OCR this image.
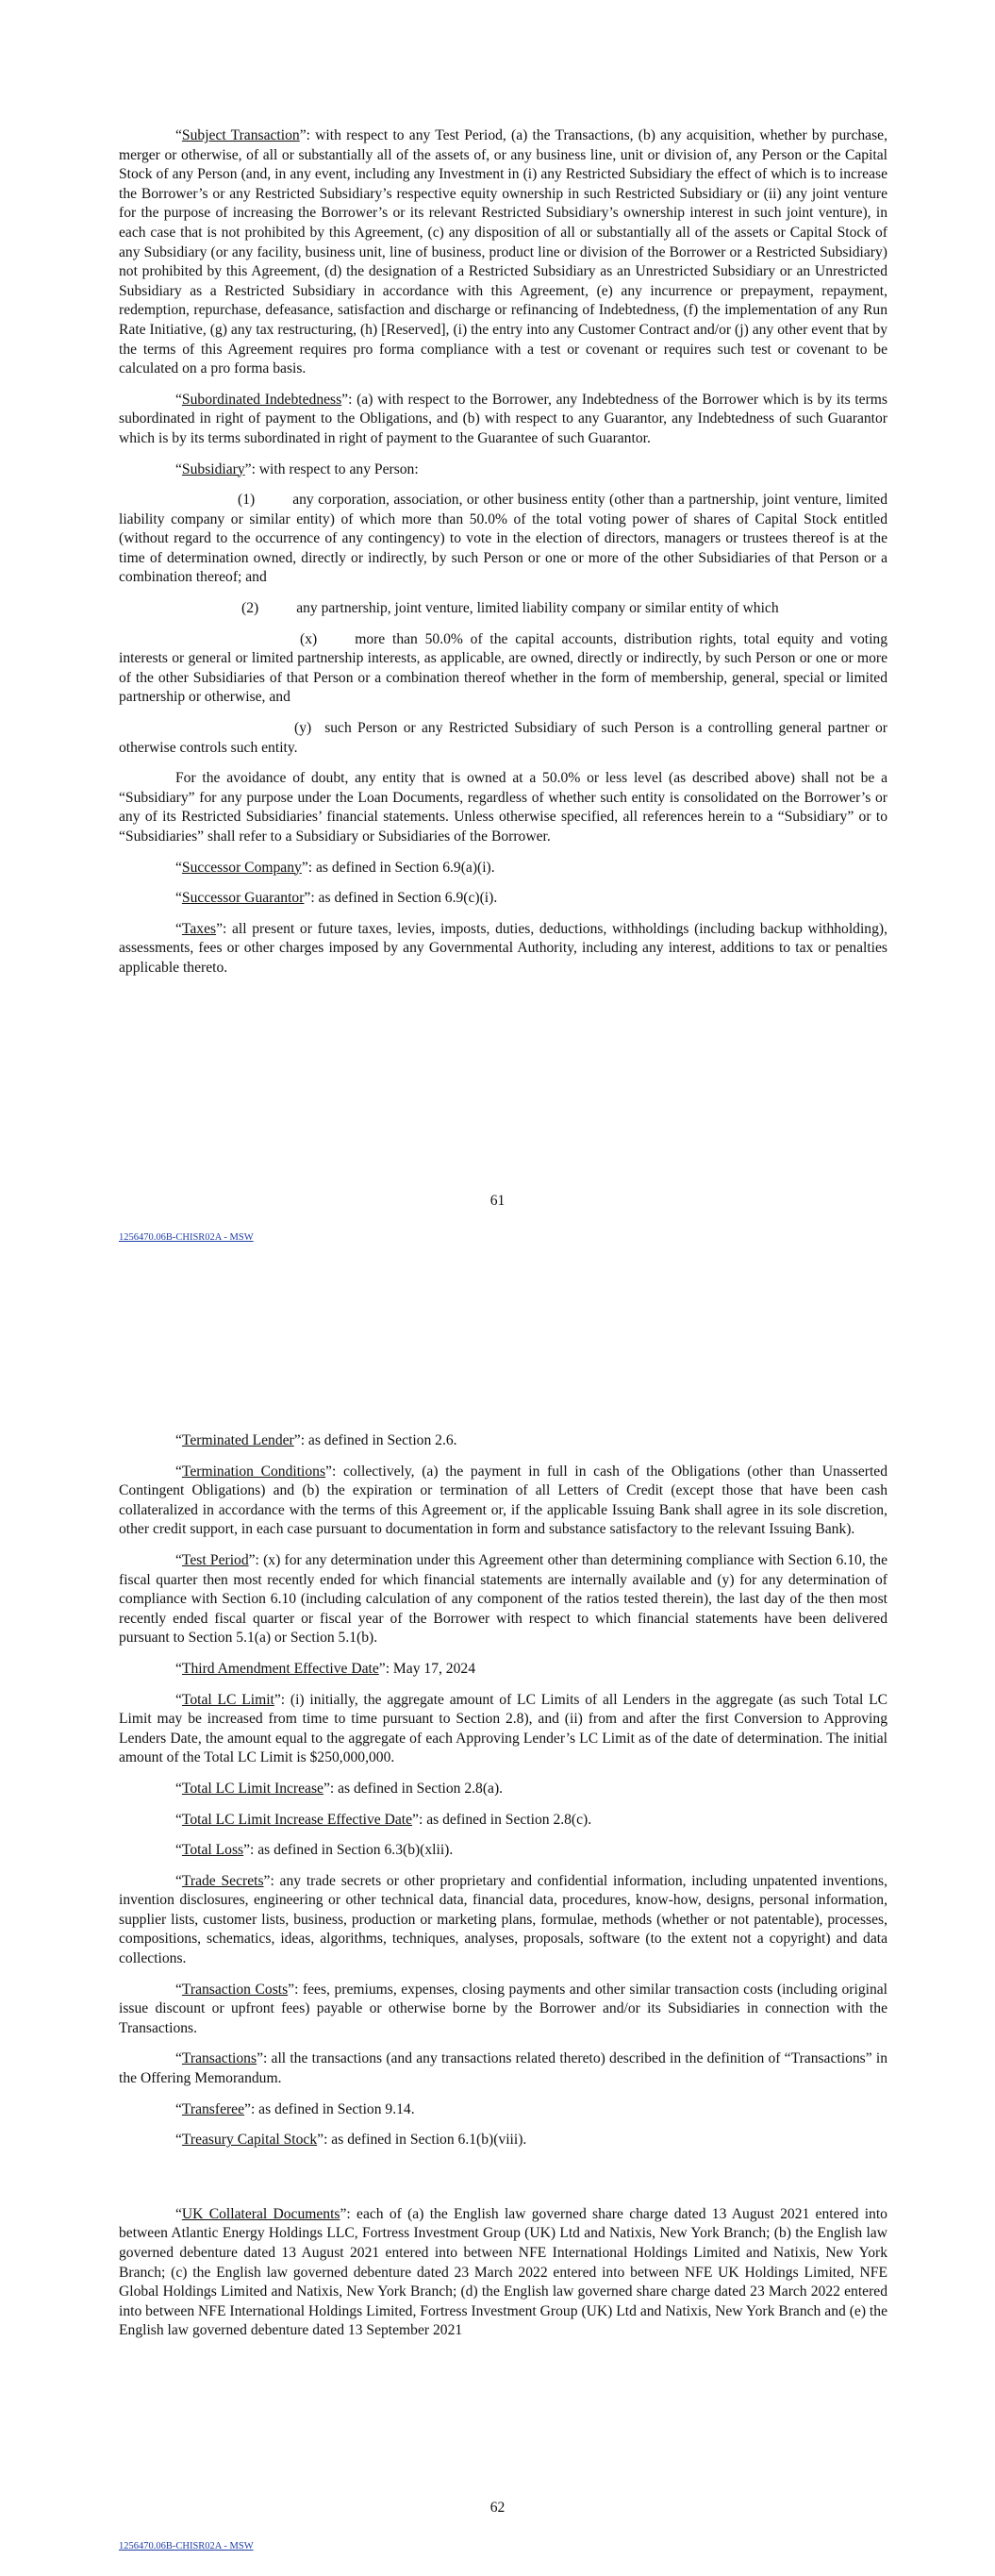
“Subject Transaction”: with respect to any Test Period, (a) the Transactions, (b) any acquisition, whether by purchase, merger or otherwise, of all or substantially all of the assets of, or any business line, unit or division of, any Person or the Capital Stock of any Person (and, in any event, including any Investment in (i) any Restricted Subsidiary the effect of which is to increase the Borrower’s or any Restricted Subsidiary’s respective equity ownership in such Restricted Subsidiary or (ii) any joint venture for the purpose of increasing the Borrower’s or its relevant Restricted Subsidiary’s ownership interest in such joint venture), in each case that is not prohibited by this Agreement, (c) any disposition of all or substantially all of the assets or Capital Stock of any Subsidiary (or any facility, business unit, line of business, product line or division of the Borrower or a Restricted Subsidiary) not prohibited by this Agreement, (d) the designation of a Restricted Subsidiary as an Unrestricted Subsidiary or an Unrestricted Subsidiary as a Restricted Subsidiary in accordance with this Agreement, (e) any incurrence or prepayment, repayment, redemption, repurchase, defeasance, satisfaction and discharge or refinancing of Indebtedness, (f) the implementation of any Run Rate Initiative, (g) any tax restructuring, (h) [Reserved], (i) the entry into any Customer Contract and/or (j) any other event that by the terms of this Agreement requires pro forma compliance with a test or covenant or requires such test or covenant to be calculated on a pro forma basis.

“Subordinated Indebtedness”: (a) with respect to the Borrower, any Indebtedness of the Borrower which is by its terms subordinated in right of payment to the Obligations, and (b) with respect to any Guarantor, any Indebtedness of such Guarantor which is by its terms subordinated in right of payment to the Guarantee of such Guarantor.

“Subsidiary”: with respect to any Person:

(1)	any corporation, association, or other business entity (other than a partnership, joint venture, limited liability company or similar entity) of which more than 50.0% of the total voting power of shares of Capital Stock entitled (without regard to the occurrence of any contingency) to vote in the election of directors, managers or trustees thereof is at the time of determination owned, directly or indirectly, by such Person or one or more of the other Subsidiaries of that Person or a combination thereof; and

(2)	any partnership, joint venture, limited liability company or similar entity of which

(x)	more than 50.0% of the capital accounts, distribution rights, total equity and voting interests or general or limited partnership interests, as applicable, are owned, directly or indirectly, by such Person or one or more of the other Subsidiaries of that Person or a combination thereof whether in the form of membership, general, special or limited partnership or otherwise, and

(y) such Person or any Restricted Subsidiary of such Person is a controlling general partner or otherwise controls such entity.

For the avoidance of doubt, any entity that is owned at a 50.0% or less level (as described above) shall not be a “Subsidiary” for any purpose under the Loan Documents, regardless of whether such entity is consolidated on the Borrower’s or any of its Restricted Subsidiaries’ financial statements. Unless otherwise specified, all references herein to a “Subsidiary” or to “Subsidiaries” shall refer to a Subsidiary or Subsidiaries of the Borrower.

“Successor Company”: as defined in Section 6.9(a)(i).

“Successor Guarantor”: as defined in Section 6.9(c)(i).

“Taxes”: all present or future taxes, levies, imposts, duties, deductions, withholdings (including backup withholding), assessments, fees or other charges imposed by any Governmental Authority, including any interest, additions to tax or penalties applicable thereto.

61
1256470.06B-CHISR02A - MSW

“Terminated Lender”: as defined in Section 2.6.

“Termination Conditions”: collectively, (a) the payment in full in cash of the Obligations (other than Unasserted Contingent Obligations) and (b) the expiration or termination of all Letters of Credit (except those that have been cash collateralized in accordance with the terms of this Agreement or, if the applicable Issuing Bank shall agree in its sole discretion, other credit support, in each case pursuant to documentation in form and substance satisfactory to the relevant Issuing Bank).

“Test Period”: (x) for any determination under this Agreement other than determining compliance with Section 6.10, the fiscal quarter then most recently ended for which financial statements are internally available and (y) for any determination of compliance with Section 6.10 (including calculation of any component of the ratios tested therein), the last day of the then most recently ended fiscal quarter or fiscal year of the Borrower with respect to which financial statements have been delivered pursuant to Section 5.1(a) or Section 5.1(b).

“Third Amendment Effective Date”: May 17, 2024

“Total LC Limit”: (i) initially, the aggregate amount of LC Limits of all Lenders in the aggregate (as such Total LC Limit may be increased from time to time pursuant to Section 2.8), and (ii) from and after the first Conversion to Approving Lenders Date, the amount equal to the aggregate of each Approving Lender’s LC Limit as of the date of determination. The initial amount of the Total LC Limit is $250,000,000.

“Total LC Limit Increase”: as defined in Section 2.8(a).

“Total LC Limit Increase Effective Date”: as defined in Section 2.8(c).

“Total Loss”: as defined in Section 6.3(b)(xlii).

“Trade Secrets”: any trade secrets or other proprietary and confidential information, including unpatented inventions, invention disclosures, engineering or other technical data, financial data, procedures, know-how, designs, personal information, supplier lists, customer lists, business, production or marketing plans, formulae, methods (whether or not patentable), processes, compositions, schematics, ideas, algorithms, techniques, analyses, proposals, software (to the extent not a copyright) and data collections.

“Transaction Costs”: fees, premiums, expenses, closing payments and other similar transaction costs (including original issue discount or upfront fees) payable or otherwise borne by the Borrower and/or its Subsidiaries in connection with the Transactions.

“Transactions”: all the transactions (and any transactions related thereto) described in the definition of “Transactions” in the Offering Memorandum.

“Transferee”: as defined in Section 9.14.

“Treasury Capital Stock”: as defined in Section 6.1(b)(viii).

“UK Collateral Documents”: each of (a) the English law governed share charge dated 13 August 2021 entered into between Atlantic Energy Holdings LLC, Fortress Investment Group (UK) Ltd and Natixis, New York Branch; (b) the English law governed debenture dated 13 August 2021 entered into between NFE International Holdings Limited and Natixis, New York Branch; (c) the English law governed debenture dated 23 March 2022 entered into between NFE UK Holdings Limited, NFE Global Holdings Limited and Natixis, New York Branch; (d) the English law governed share charge dated 23 March 2022 entered into between NFE International Holdings Limited, Fortress Investment Group (UK) Ltd and Natixis, New York Branch and (e) the English law governed debenture dated 13 September 2021

62
1256470.06B-CHISR02A - MSW
